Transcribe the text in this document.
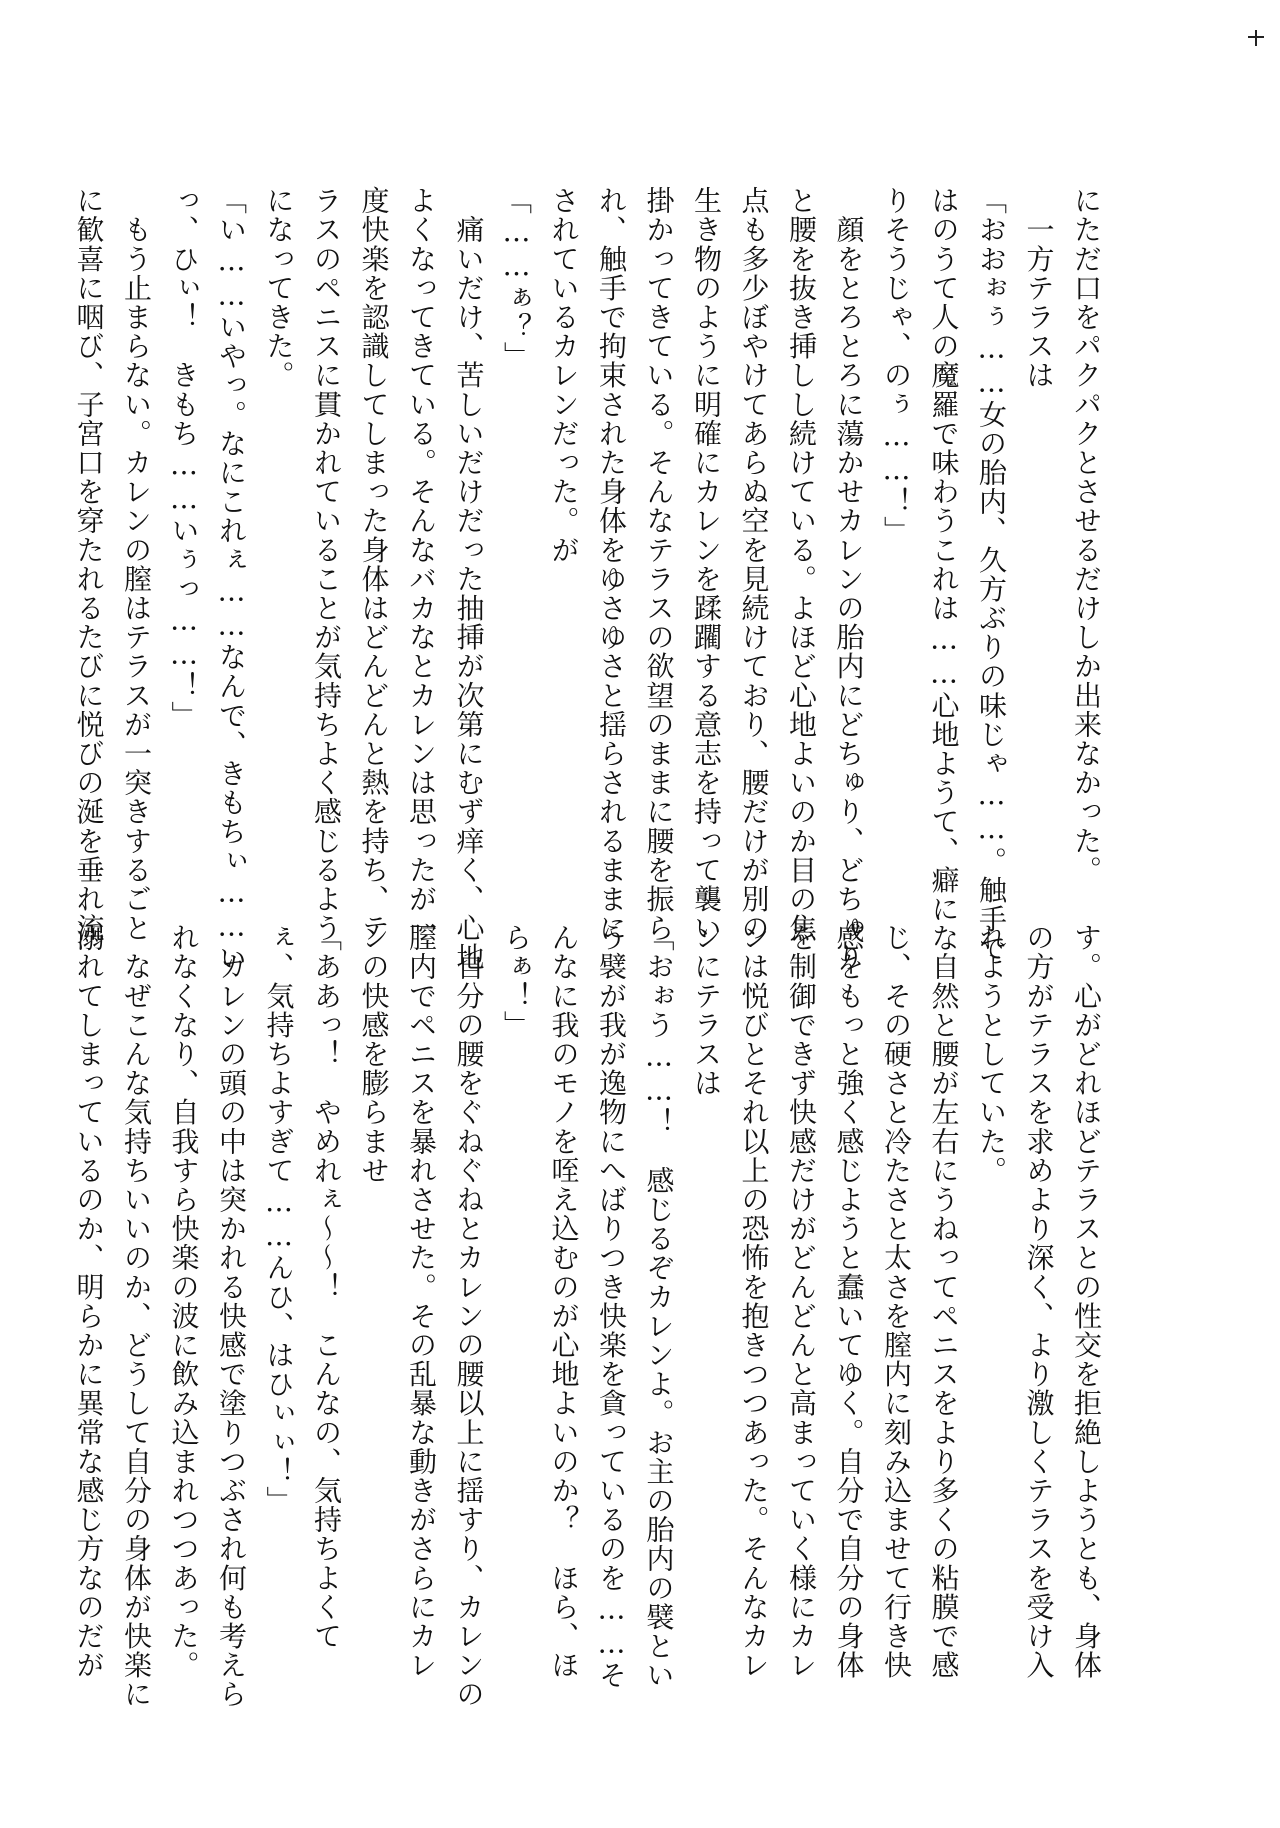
にただ口をパクパクとさせるだけしか出来なかった。
　一方テラスは
「おおぉぅ……女の胎内、久方ぶりの味じゃ……。触手で
はのうて人の魔羅で味わうこれは……心地ようて、癖にな
りそうじゃ、のぅ……！」
　顔をとろとろに蕩かせカレンの胎内にどちゅり、どちゅり
と腰を抜き挿しし続けている。よほど心地よいのか目の焦
点も多少ぼやけてあらぬ空を見続けており、腰だけが別の
生き物のように明確にカレンを蹂躙する意志を持って襲い
掛かってきている。そんなテラスの欲望のままに腰を振ら
れ、触手で拘束された身体をゆさゆさと揺らされるままに
されているカレンだった。が
「……ぁ？」
　痛いだけ、苦しいだけだった抽挿が次第にむず痒く、心地
よくなってきている。そんなバカなとカレンは思ったが一
度快楽を認識してしまった身体はどんどんと熱を持ち、テ
ラスのペニスに貫かれていることが気持ちよく感じるよう
になってきた。
「い……いやっ。なにこれぇ……なんで、きもちぃ……い
っ、ひぃ！　きもち……いぅっ……！」
　もう止まらない。カレンの膣はテラスが一突きするごと
に歓喜に咽び、子宮口を穿たれるたびに悦びの涎を垂れ流
す。心がどれほどテラスとの性交を拒絶しようとも、身体
の方がテラスを求めより深く、より激しくテラスを受け入
れようとしていた。
　自然と腰が左右にうねってペニスをより多くの粘膜で感
じ、その硬さと冷たさと太さを膣内に刻み込ませて行き快
感をもっと強く感じようと蠢いてゆく。自分で自分の身体
を制御できず快感だけがどんどんと高まっていく様にカレ
ンは悦びとそれ以上の恐怖を抱きつつあった。そんなカレ
ンにテラスは
「おぉう……！　感じるぞカレンよ。お主の胎内の襞とい
う襞が我が逸物にへばりつき快楽を貪っているのを……そ
んなに我のモノを咥え込むのが心地よいのか？　ほら、ほ
らぁ！」
　自分の腰をぐねぐねとカレンの腰以上に揺すり、カレンの
膣内でペニスを暴れさせた。その乱暴な動きがさらにカレ
ンの快感を膨らませ
「ああっ！　やめれぇ〜〜！　こんなの、気持ちよくて
ぇ、気持ちよすぎて……んひ、はひぃぃ！」
　カレンの頭の中は突かれる快感で塗りつぶされ何も考えら
れなくなり、自我すら快楽の波に飲み込まれつつあった。
　なぜこんな気持ちいいのか、どうして自分の身体が快楽に
溺れてしまっているのか、明らかに異常な感じ方なのだが
